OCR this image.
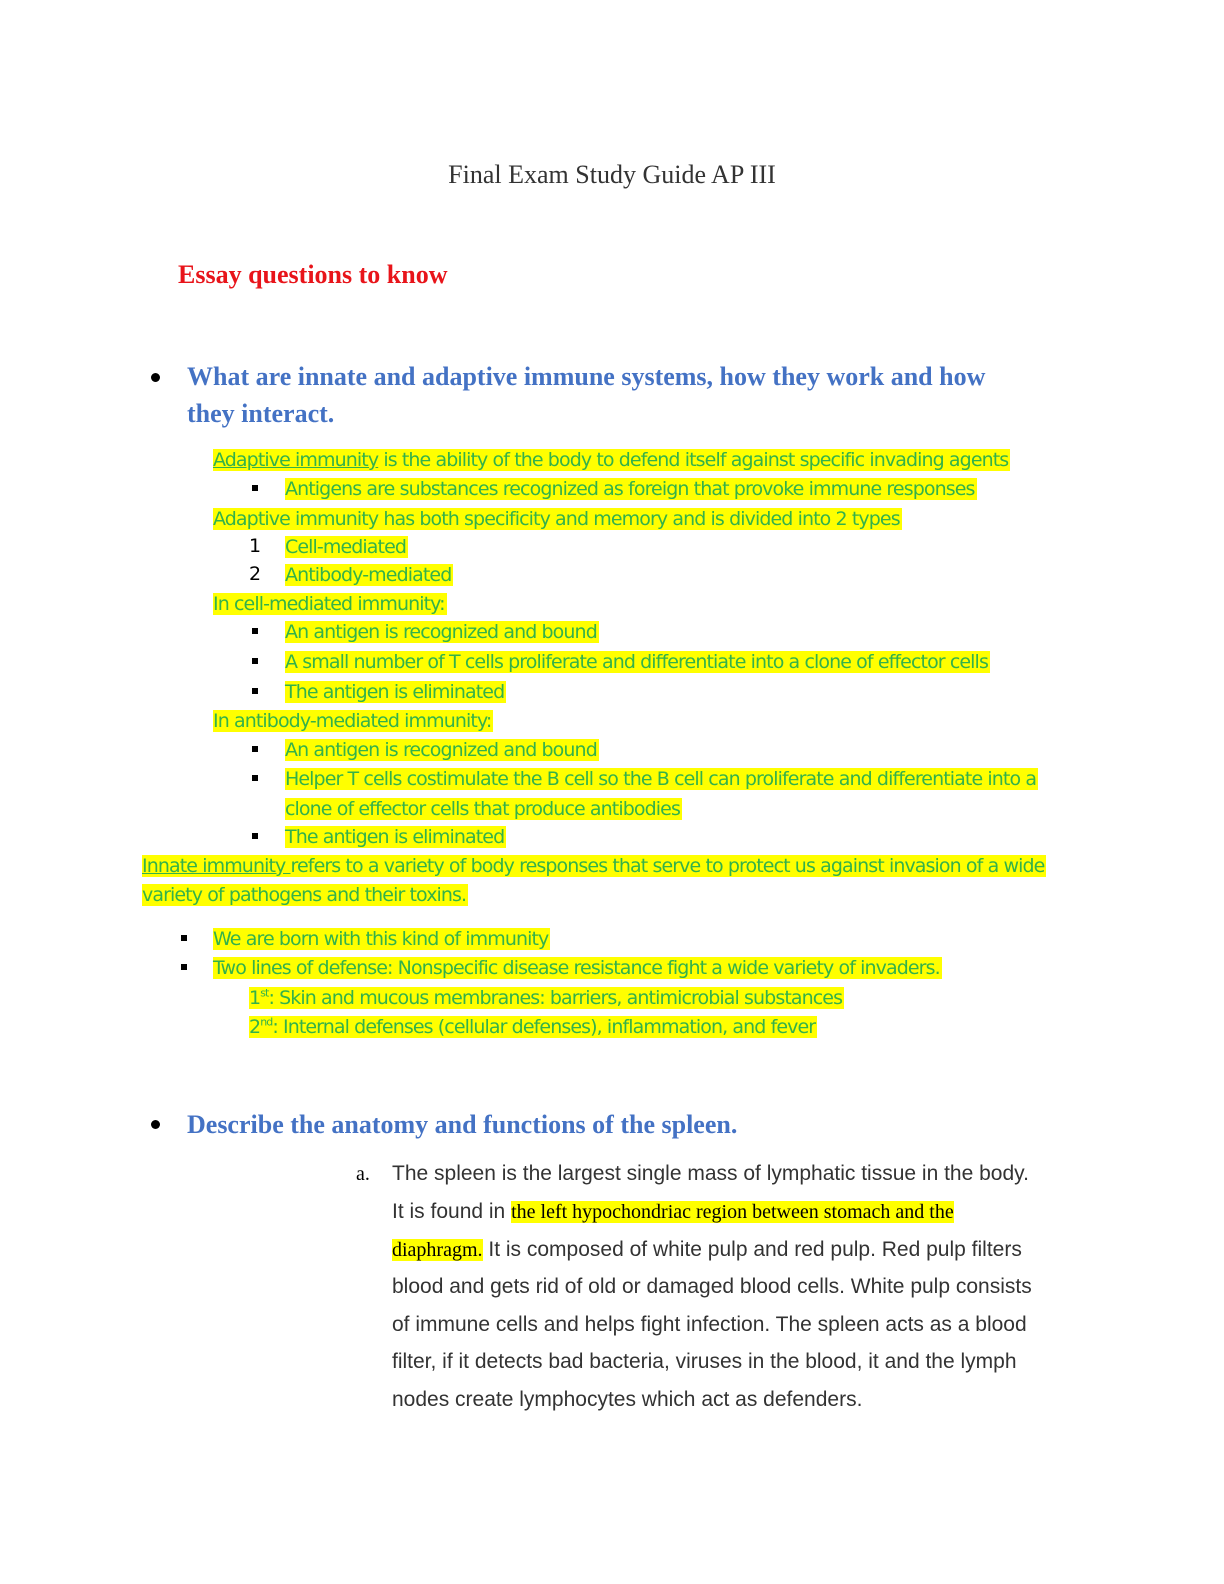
Final Exam Study Guide AP III
Essay questions to know
What are innate and adaptive immune systems, how they work and how
they interact.
Adaptive immunity is the ability of the body to defend itself against specific invading agents
Antigens are substances recognized as foreign that provoke immune responses
Adaptive immunity has both specificity and memory and is divided into 2 types
1 Cell-mediated
2 Antibody-mediated
In cell-mediated immunity:
An antigen is recognized and bound
A small number of T cells proliferate and differentiate into a clone of effector cells
The antigen is eliminated
In antibody-mediated immunity:
An antigen is recognized and bound
Helper T cells costimulate the B cell so the B cell can proliferate and differentiate into a
clone of effector cells that produce antibodies
The antigen is eliminated
Innate immunity refers to a variety of body responses that serve to protect us against invasion of a wide
variety of pathogens and their toxins.
We are born with this kind of immunity
Two lines of defense: Nonspecific disease resistance fight a wide variety of invaders.
1st: Skin and mucous membranes: barriers, antimicrobial substances
2nd: Internal defenses (cellular defenses), inflammation, and fever
Describe the anatomy and functions of the spleen.
a. The spleen is the largest single mass of lymphatic tissue in the body.
It is found in the left hypochondriac region between stomach and the
diaphragm. It is composed of white pulp and red pulp. Red pulp filters
blood and gets rid of old or damaged blood cells. White pulp consists
of immune cells and helps fight infection. The spleen acts as a blood
filter, if it detects bad bacteria, viruses in the blood, it and the lymph
nodes create lymphocytes which act as defenders.
